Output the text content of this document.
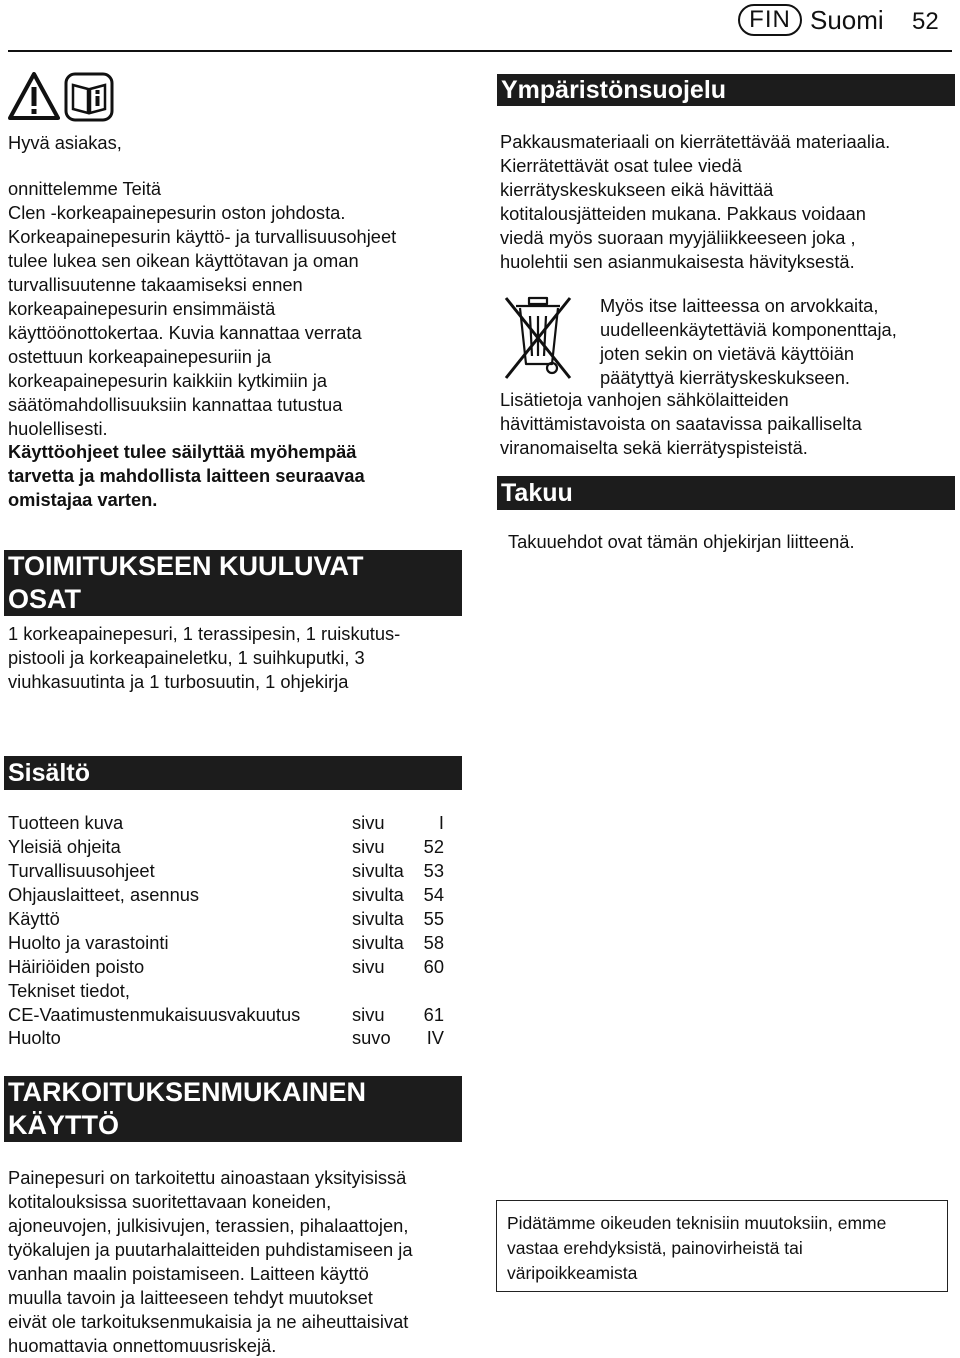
FIN Suomi 52
Hyvä asiakas,

onnittelemme Teitä

Clen -korkeapainepesurin oston johdosta.

Korkeapainepesurin käyttö- ja turvallisuusohjeet

tulee lukea sen oikean käyttötavan ja oman

turvallisuutenne takaamiseksi ennen

korkeapainepesurin ensimmäistä

käyttöönottokertaa. Kuvia kannattaa verrata

ostettuun korkeapainepesuriin ja

korkeapainepesurin kaikkiin kytkimiin ja

säätömahdollisuuksiin kannattaa tutustua

huolellisesti.

Käyttöohjeet tulee säilyttää myöhempää

tarvetta ja mahdollista laitteen seuraavaa

omistajaa varten.

TOIMITUKSEEN KUULUVAT
OSAT

1 korkeapainepesuri, 1 terassipesin, 1 ruiskutus-

pistooli ja korkeapaineletku, 1 suihkuputki, 3

viuhkasuutinta ja 1 turbosuutin, 1 ohjekirja

Sisältö
Tuotteen kuva	sivu	I
Yleisiä ohjeita	sivu	52
Turvallisuusohjeet	sivulta	53
Ohjauslaitteet, asennus	sivulta	54
Käyttö	sivulta	55
Huolto ja varastointi	sivulta	58
Häiriöiden poisto	sivu	60
Tekniset tiedot,
CE-Vaatimustenmukaisuusvakuutus	sivu	61
Huolto	suvo	IV
TARKOITUKSENMUKAINEN
KÄYTTÖ

Painepesuri on tarkoitettu ainoastaan yksityisissä

kotitalouksissa suoritettavaan koneiden,

ajoneuvojen, julkisivujen, terassien, pihalaattojen,

työkalujen ja puutarhalaitteiden puhdistamiseen ja

vanhan maalin poistamiseen. Laitteen käyttö

muulla tavoin ja laitteeseen tehdyt muutokset

eivät ole tarkoituksenmukaisia ja ne aiheuttaisivat

huomattavia onnettomuusriskejä.

Ympäristönsuojelu

Pakkausmateriaali on kierrätettävää materiaalia.

Kierrätettävät osat tulee viedä

kierrätyskeskukseen eikä hävittää

kotitalousjätteiden mukana. Pakkaus voidaan

viedä myös suoraan myyjäliikkeeseen joka ,

huolehtii sen asianmukaisesta hävityksestä.

Myös itse laitteessa on arvokkaita,

uudelleenkäytettäviä komponenttaja,

joten sekin on vietävä käyttöiän

päätyttyä kierrätyskeskukseen.

Lisätietoja vanhojen sähkölaitteiden

hävittämistavoista on saatavissa paikalliselta

viranomaiselta sekä kierrätyspisteistä.

Takuu
Takuuehdot ovat tämän ohjekirjan liitteenä.
Pidätämme oikeuden teknisiin muutoksiin, emme
vastaa erehdyksistä, painovirheistä tai
väripoikkeamista
